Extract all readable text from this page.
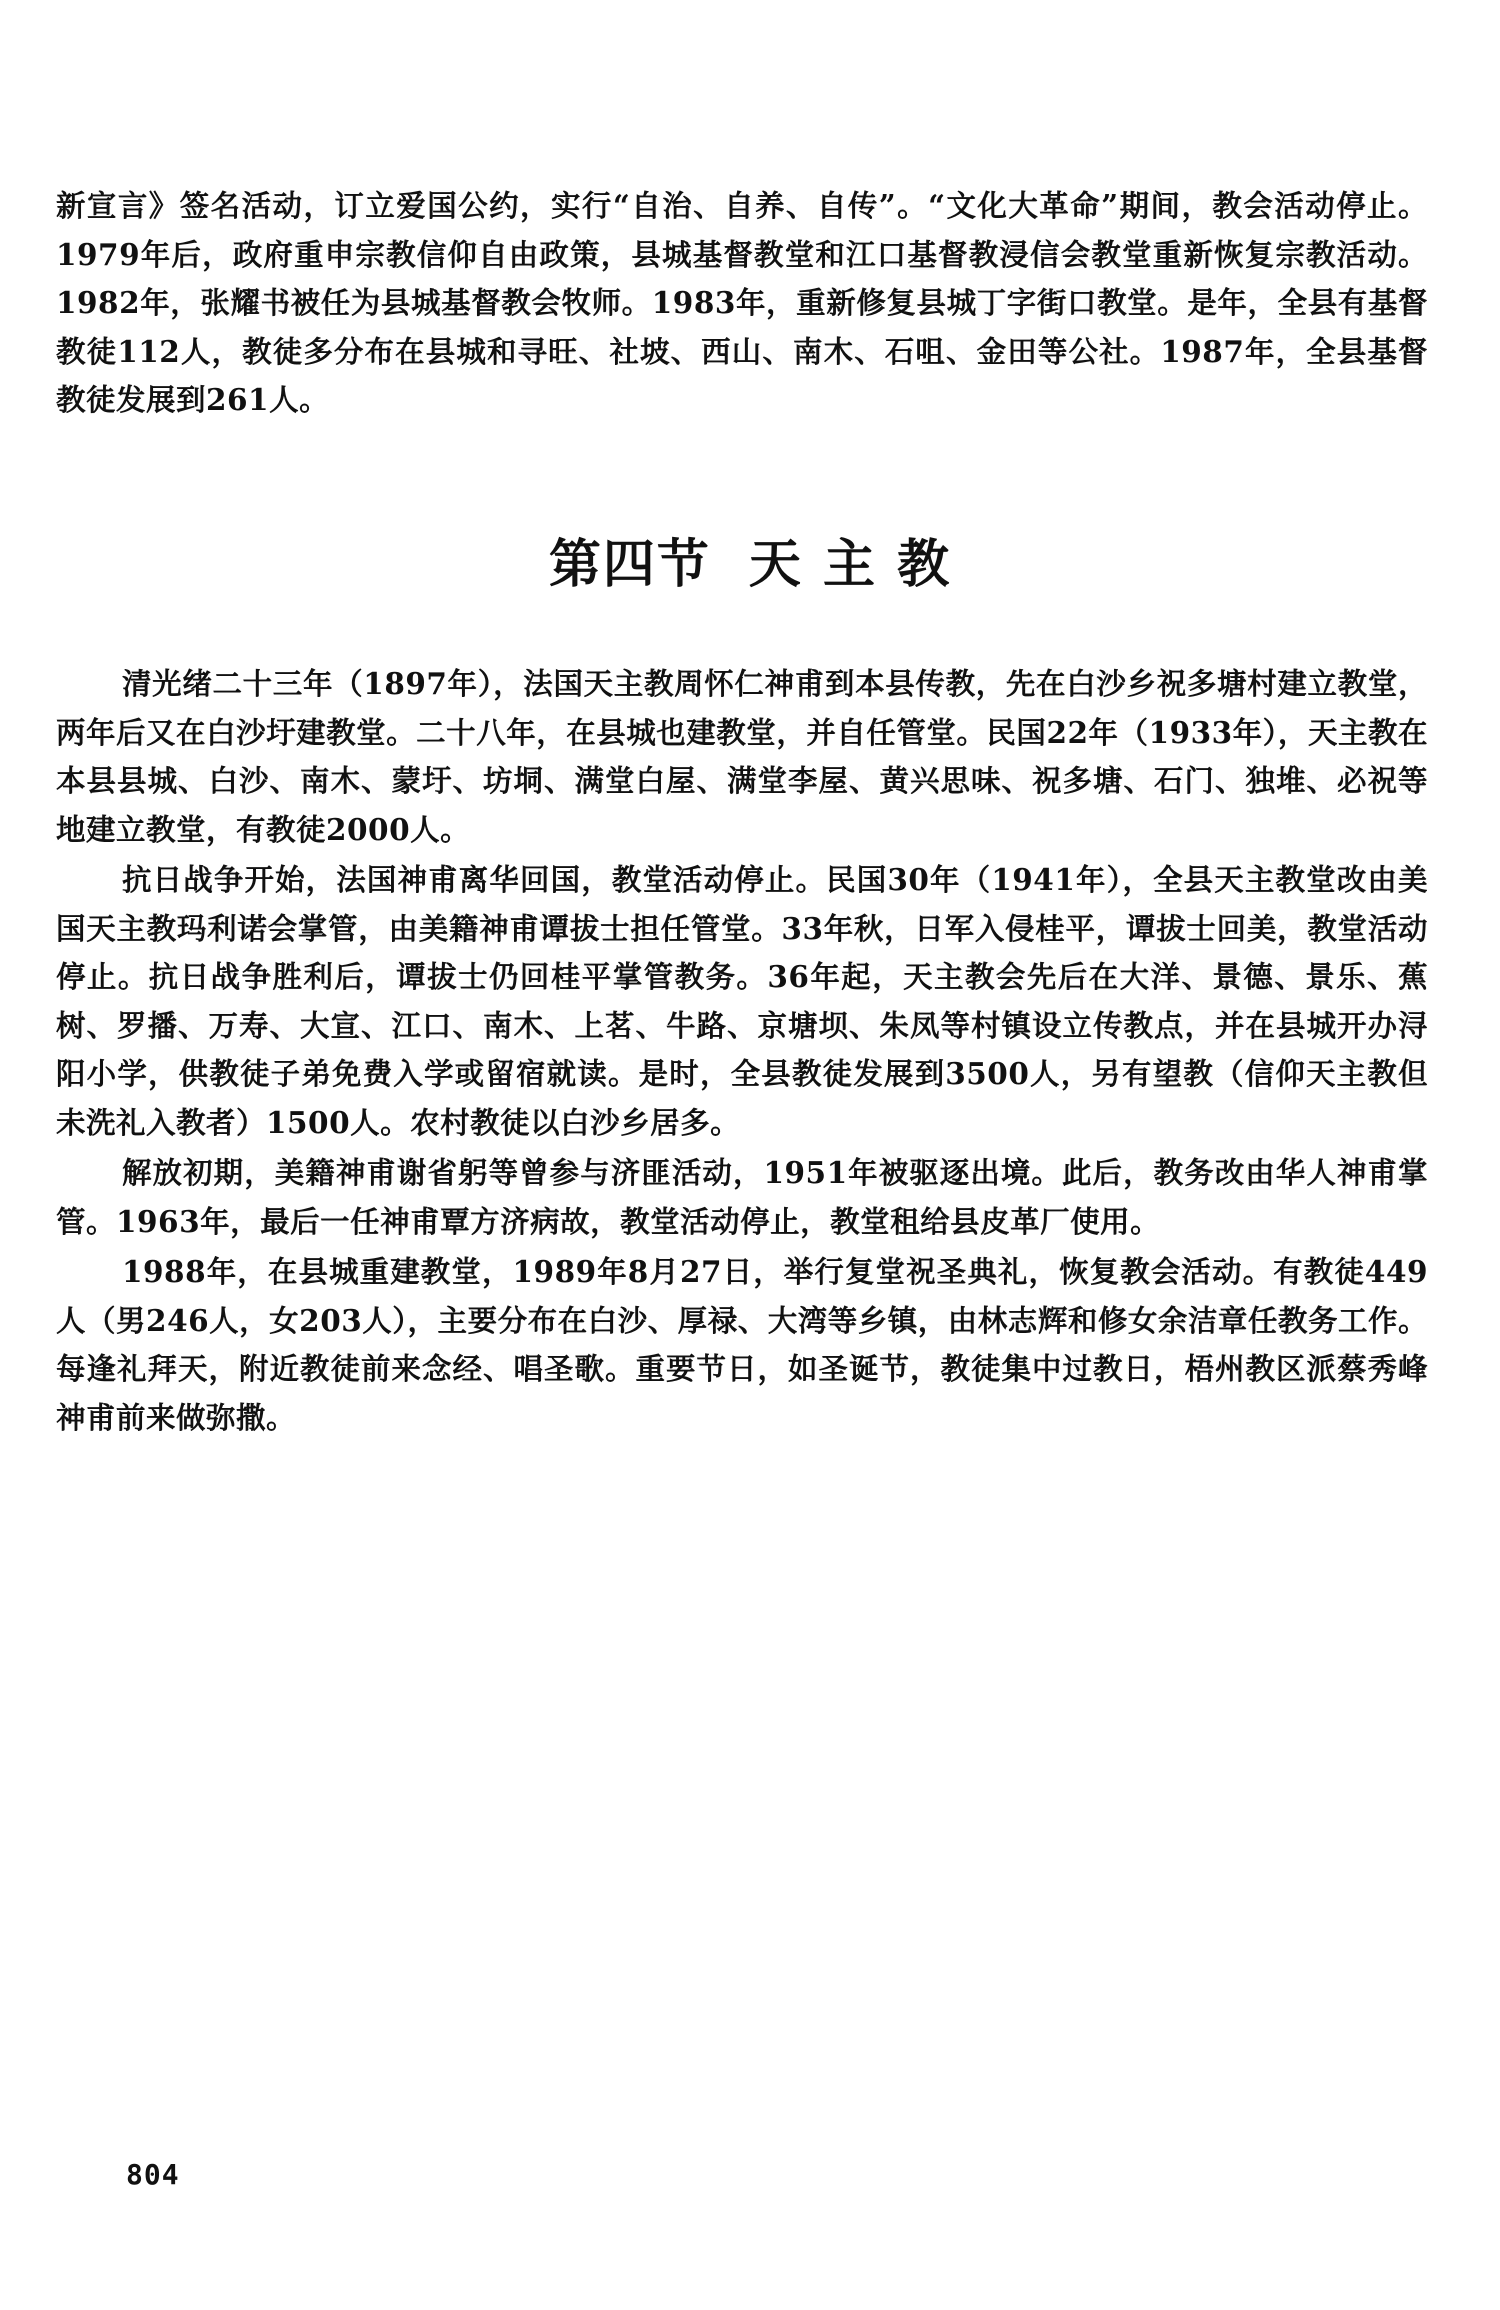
新宣言》签名活动，订立爱国公约，实行“自治、自养、自传”。“文化大革命”期间，教会活动停止。1979年后，政府重申宗教信仰自由政策，县城基督教堂和江口基督教浸信会教堂重新恢复宗教活动。1982年，张耀书被任为县城基督教会牧师。1983年，重新修复县城丁字街口教堂。是年，全县有基督教徒112人，教徒多分布在县城和寻旺、社坡、西山、南木、石咀、金田等公社。1987年，全县基督教徒发展到261人。

第四节 天 主 教

清光绪二十三年（1897年），法国天主教周怀仁神甫到本县传教，先在白沙乡祝多塘村建立教堂，两年后又在白沙圩建教堂。二十八年，在县城也建教堂，并自任管堂。民国22年（1933年），天主教在本县县城、白沙、南木、蒙圩、坊垌、满堂白屋、满堂李屋、黄兴思味、祝多塘、石门、独堆、必祝等地建立教堂，有教徒2000人。

抗日战争开始，法国神甫离华回国，教堂活动停止。民国30年（1941年），全县天主教堂改由美国天主教玛利诺会掌管，由美籍神甫谭拔士担任管堂。33年秋，日军入侵桂平，谭拔士回美，教堂活动停止。抗日战争胜利后，谭拔士仍回桂平掌管教务。36年起，天主教会先后在大洋、景德、景乐、蕉树、罗播、万寿、大宣、江口、南木、上茗、牛路、京塘坝、朱凤等村镇设立传教点，并在县城开办浔阳小学，供教徒子弟免费入学或留宿就读。是时，全县教徒发展到3500人，另有望教（信仰天主教但未洗礼入教者）1500人。农村教徒以白沙乡居多。

解放初期，美籍神甫谢省躬等曾参与济匪活动，1951年被驱逐出境。此后，教务改由华人神甫掌管。1963年，最后一任神甫覃方济病故，教堂活动停止，教堂租给县皮革厂使用。

1988年，在县城重建教堂，1989年8月27日，举行复堂祝圣典礼，恢复教会活动。有教徒449人（男246人，女203人），主要分布在白沙、厚禄、大湾等乡镇，由林志辉和修女余洁章任教务工作。每逢礼拜天，附近教徒前来念经、唱圣歌。重要节日，如圣诞节，教徒集中过教日，梧州教区派蔡秀峰神甫前来做弥撒。

804
